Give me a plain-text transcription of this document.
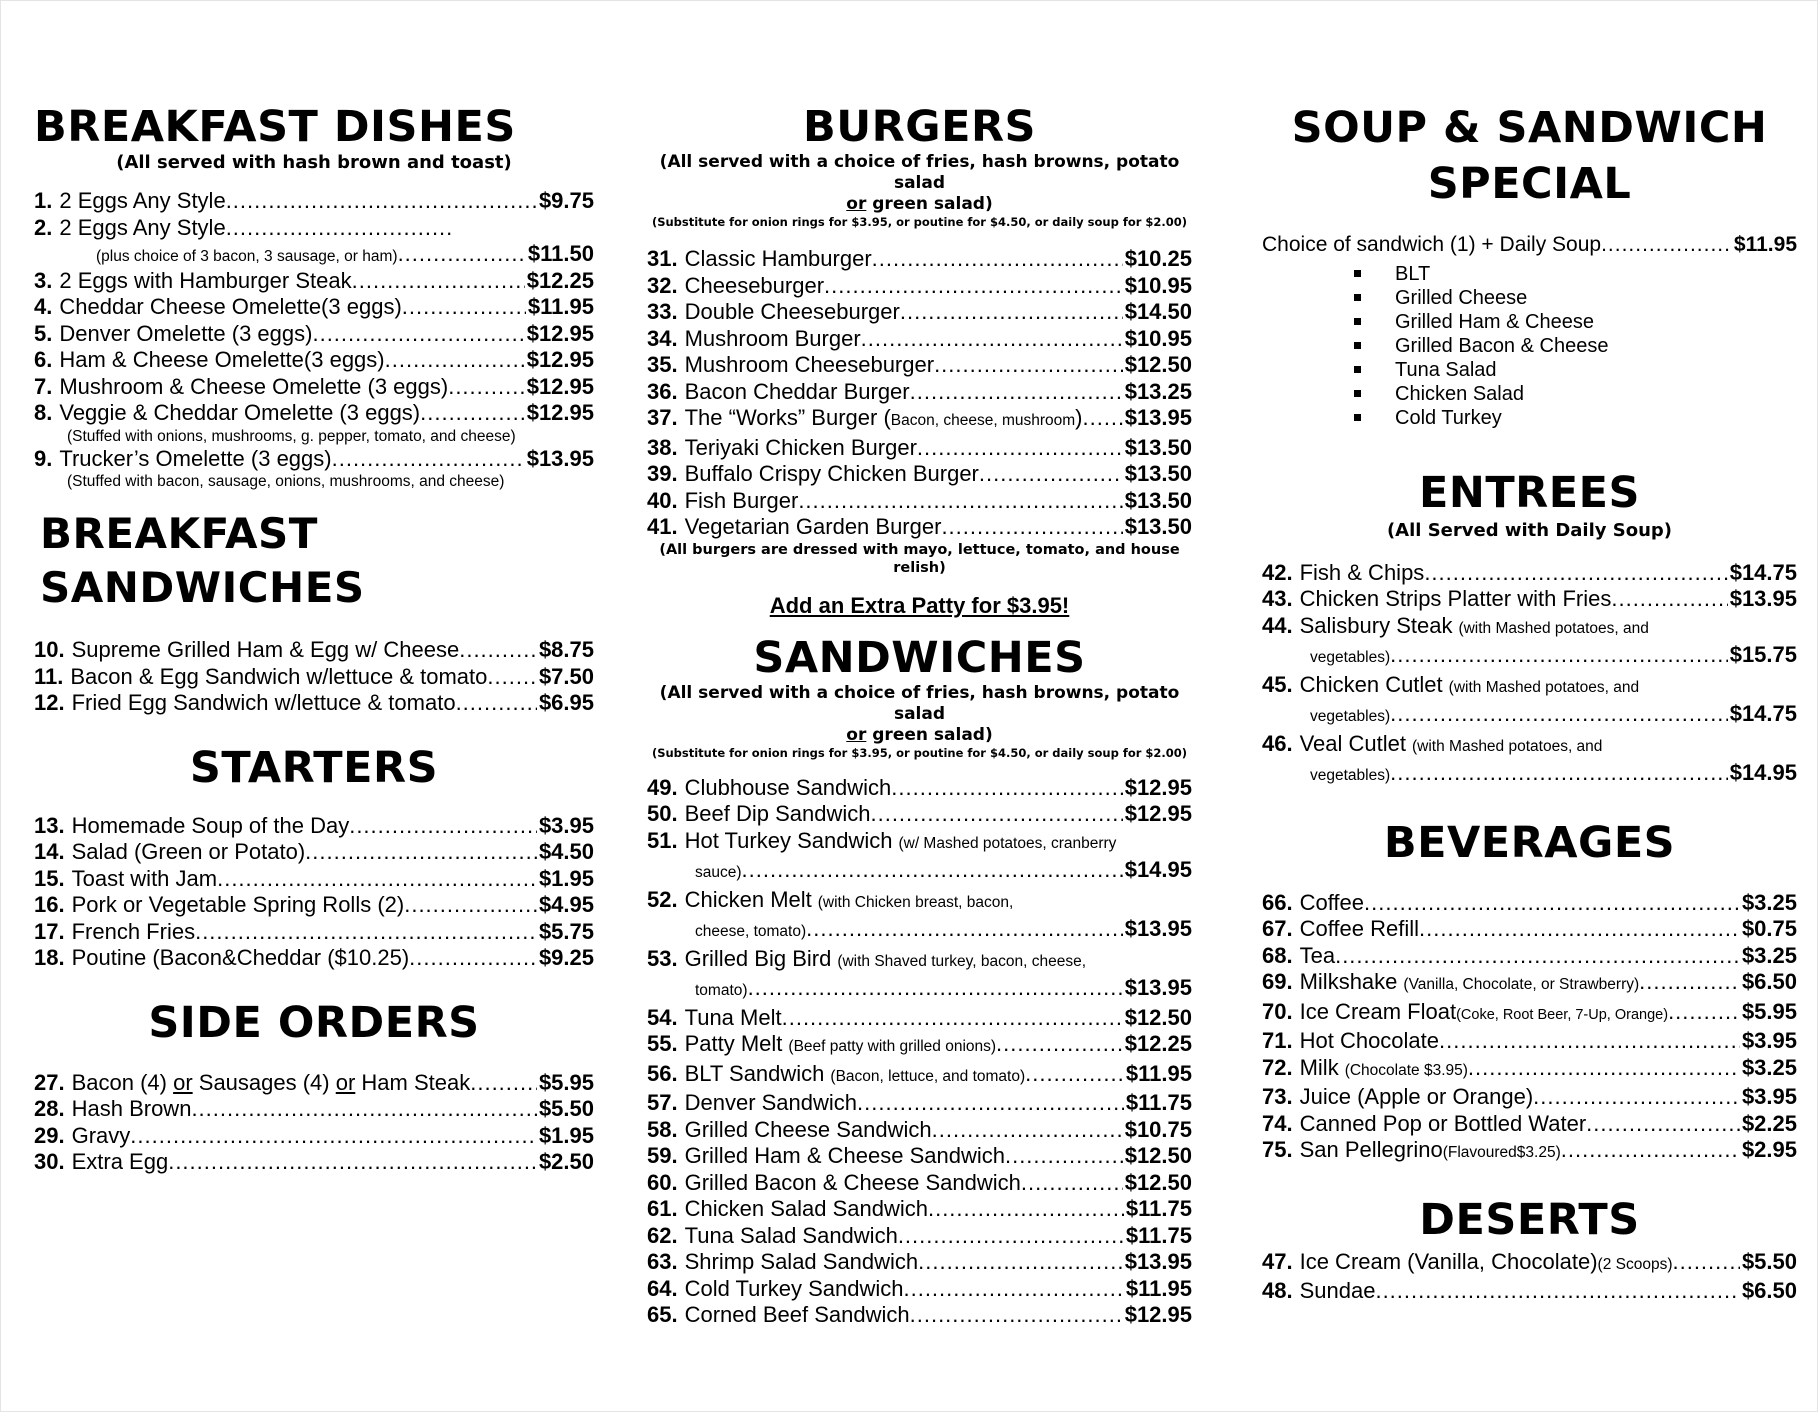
BREAKFAST DISHES
(All served with hash brown and toast)
1. 2 Eggs Any Style .....	$9.75
2. 2 Eggs Any Style
.....
(plus choice of 3 bacon, 3 sausage, or ham) .....	$11.50
3. 2 Eggs with Hamburger Steak .....	$12.25
4. Cheddar Cheese Omelette(3 eggs) .....	$11.95
5. Denver Omelette (3 eggs) .....	$12.95
6. Ham & Cheese Omelette(3 eggs) .....	$12.95
7. Mushroom & Cheese Omelette (3 eggs) .....	$12.95
8. Veggie & Cheddar Omelette (3 eggs) .....	$12.95
(Stuffed with onions, mushrooms, g. pepper, tomato, and cheese)
9. Trucker’s Omelette (3 eggs) .....	$13.95
(Stuffed with bacon, sausage, onions, mushrooms, and cheese)
BREAKFAST SANDWICHES
10. Supreme Grilled Ham & Egg w/ Cheese .....	$8.75
11. Bacon & Egg Sandwich w/lettuce & tomato ..... $7.50
12. Fried Egg Sandwich w/lettuce & tomato .....	$6.95
STARTERS
13. Homemade Soup of the Day .....	$3.95
14. Salad (Green or Potato) .....	$4.50
15. Toast with Jam .....	$1.95
16. Pork or Vegetable Spring Rolls (2) .....	$4.95
17. French Fries .....	$5.75
18. Poutine (Bacon&Cheddar ($10.25) .....	$9.25
SIDE ORDERS
27. Bacon (4) or Sausages (4) or Ham Steak .....	$5.95
28. Hash Brown .....	$5.50
29. Gravy .....	$1.95
30. Extra Egg .....	$2.50
BURGERS
(All served with a choice of fries, hash browns, potato salad
or green salad)
(Substitute for onion rings for $3.95, or poutine for $4.50, or daily soup for $2.00)
31. Classic Hamburger .....	$10.25
32. Cheeseburger .....	$10.95
33. Double Cheeseburger .....	$14.50
34. Mushroom Burger .....	$10.95
35. Mushroom Cheeseburger .....	$12.50
36. Bacon Cheddar Burger .....	$13.25
37. The “Works” Burger (Bacon, cheese, mushroom) ..... $13.95
38. Teriyaki Chicken Burger .....	$13.50
39. Buffalo Crispy Chicken Burger .....	$13.50
40. Fish Burger .....	$13.50
41. Vegetarian Garden Burger .....	$13.50
(All burgers are dressed with mayo, lettuce, tomato, and house relish)
Add an Extra Patty for $3.95!
SANDWICHES
(All served with a choice of fries, hash browns, potato salad
or green salad)
(Substitute for onion rings for $3.95, or poutine for $4.50, or daily soup for $2.00)
49. Clubhouse Sandwich .....	$12.95
50. Beef Dip Sandwich .....	$12.95
51. Hot Turkey Sandwich (w/ Mashed potatoes, cranberry
sauce) .....	$14.95
52. Chicken Melt (with Chicken breast, bacon,
cheese, tomato) .....	$13.95
53. Grilled Big Bird (with Shaved turkey, bacon, cheese,
tomato) .....	$13.95
54. Tuna Melt .....	$12.50
55. Patty Melt (Beef patty with grilled onions) .....	$12.25
56. BLT Sandwich (Bacon, lettuce, and tomato) .....	$11.95
57. Denver Sandwich .....	$11.75
58. Grilled Cheese Sandwich .....	$10.75
59. Grilled Ham & Cheese Sandwich .....	$12.50
60. Grilled Bacon & Cheese Sandwich .....	$12.50
61. Chicken Salad Sandwich .....	$11.75
62. Tuna Salad Sandwich .....	$11.75
63. Shrimp Salad Sandwich .....	$13.95
64. Cold Turkey Sandwich .....	$11.95
65. Corned Beef Sandwich .....	$12.95
SOUP & SANDWICH
SPECIAL
Choice of sandwich (1) + Daily Soup .....	$11.95
BLT
Grilled Cheese
Grilled Ham & Cheese
Grilled Bacon & Cheese
Tuna Salad
Chicken Salad
Cold Turkey
ENTREES
(All Served with Daily Soup)
42. Fish & Chips .....	$14.75
43. Chicken Strips Platter with Fries .....	$13.95
44. Salisbury Steak (with Mashed potatoes, and
vegetables) .....	$15.75
45. Chicken Cutlet (with Mashed potatoes, and
vegetables) .....	$14.75
46. Veal Cutlet (with Mashed potatoes, and
vegetables) .....	$14.95
BEVERAGES
66. Coffee .....	$3.25
67. Coffee Refill .....	$0.75
68. Tea .....	$3.25
69. Milkshake (Vanilla, Chocolate, or Strawberry) .....	$6.50
70. Ice Cream Float (Coke, Root Beer, 7-Up, Orange) .....	$5.95
71. Hot Chocolate .....	$3.95
72. Milk (Chocolate $3.95) .....	$3.25
73. Juice (Apple or Orange) .....	$3.95
74. Canned Pop or Bottled Water .....	$2.25
75. San Pellegrino (Flavoured$3.25) .....	$2.95
DESERTS
47. Ice Cream (Vanilla, Chocolate) (2 Scoops) .....	$5.50
48. Sundae .....	$6.50
